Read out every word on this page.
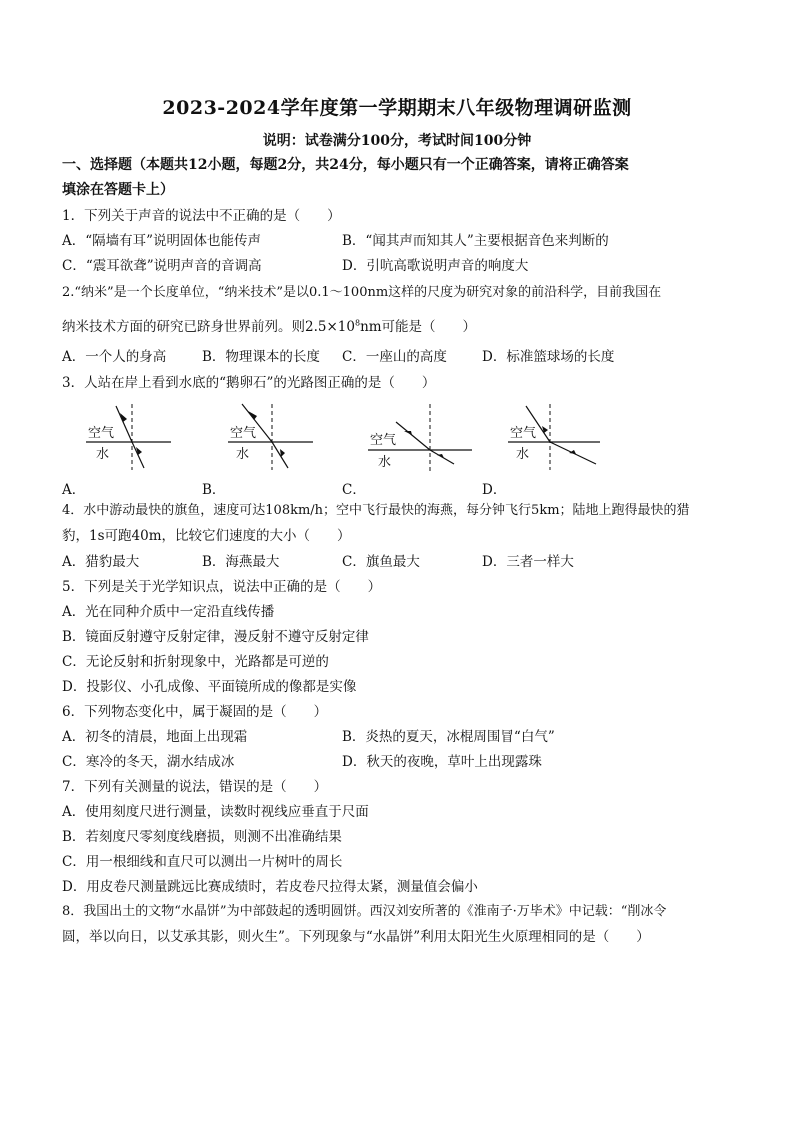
2023-2024学年度第一学期期末八年级物理调研监测
说明：试卷满分100分，考试时间100分钟
一、选择题（本题共12小题，每题2分，共24分，每小题只有一个正确答案，请将正确答案
填涂在答题卡上）
1．下列关于声音的说法中不正确的是（　　）
A．“隔墙有耳”说明固体也能传声	B．“闻其声而知其人”主要根据音色来判断的
C．“震耳欲聋”说明声音的音调高	D．引吭高歌说明声音的响度大
2.“纳米”是一个长度单位，“纳米技术”是以0.1～100nm这样的尺度为研究对象的前沿科学，目前我国在
纳米技术方面的研究已跻身世界前列。则$2.5\times 10^8nm$可能是（　　）
A．一个人的身高	B．物理课本的长度 C．一座山的高度	D．标准篮球场的长度
3．人站在岸上看到水底的“鹅卵石”的光路图正确的是（　　）
空气
水
空气
水
空气
水
空气
水
A．	B．	C．	D．
4．水中游动最快的旗鱼，速度可达108km/h；空中飞行最快的海燕，每分钟飞行5km；陆地上跑得最快的猎
豹，1s可跑40m，比较它们速度的大小（　　）
A．猎豹最大	B．海燕最大	C．旗鱼最大	D．三者一样大
5．下列是关于光学知识点，说法中正确的是（　　）
A．光在同种介质中一定沿直线传播
B．镜面反射遵守反射定律，漫反射不遵守反射定律
C．无论反射和折射现象中，光路都是可逆的
D．投影仪、小孔成像、平面镜所成的像都是实像
6．下列物态变化中，属于凝固的是（　　）
A．初冬的清晨，地面上出现霜	B．炎热的夏天，冰棍周围冒“白气”
C．寒冷的冬天，湖水结成冰	D．秋天的夜晚，草叶上出现露珠
7．下列有关测量的说法，错误的是（　　）
A．使用刻度尺进行测量，读数时视线应垂直于尺面
B．若刻度尺零刻度线磨损，则测不出准确结果
C．用一根细线和直尺可以测出一片树叶的周长
D．用皮卷尺测量跳远比赛成绩时，若皮卷尺拉得太紧，测量值会偏小
8．我国出土的文物“水晶饼”为中部鼓起的透明圆饼。西汉刘安所著的《淮南子·万毕术》中记载：“削冰令
圆，举以向日，以艾承其影，则火生”。下列现象与“水晶饼”利用太阳光生火原理相同的是（　　）
